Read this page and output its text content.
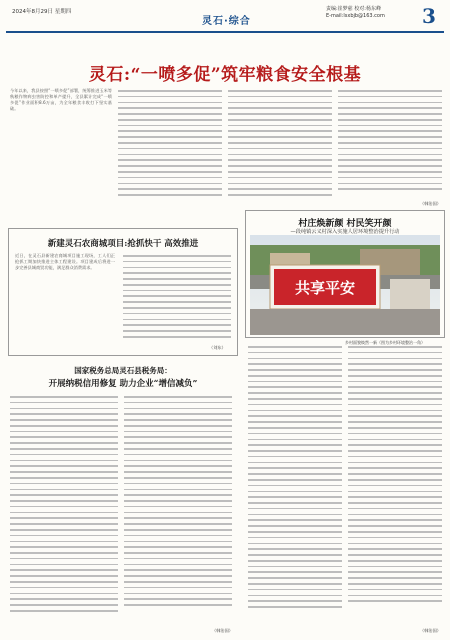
2024年8月29日 星期四
灵石·综合
责编:崔梦慈 校对:杨东峰
E-mail:lsxbjb@163.com 3
灵石:“一喷多促”筑牢粮食安全根基
今年以来，我县按照“一喷多促”部署，统筹推进玉米等秋粮作物病虫害防控和单产提升，全县累计完成“一喷多促”作业面积8.6万亩，为全年粮食丰收打下坚实基础。
（韩治国）
新建灵石农商城项目:抢抓快干 高效推进
近日，在灵石县新建农商城项目施工现场，工人们正抢抓工期加快推进主体工程建设。项目建成后将进一步完善县城商贸功能，满足群众消费需求。
（刘东）
村庄焕新颜 村民笑开颜
—段纯镇云义村深入实施人居环境整治提升行动
共享平安
乡村面貌焕然一新（图为乡村环境整治一角）
国家税务总局灵石县税务局：
开展纳税信用修复 助力企业“增信减负”
（韩治国）	（韩治国）
